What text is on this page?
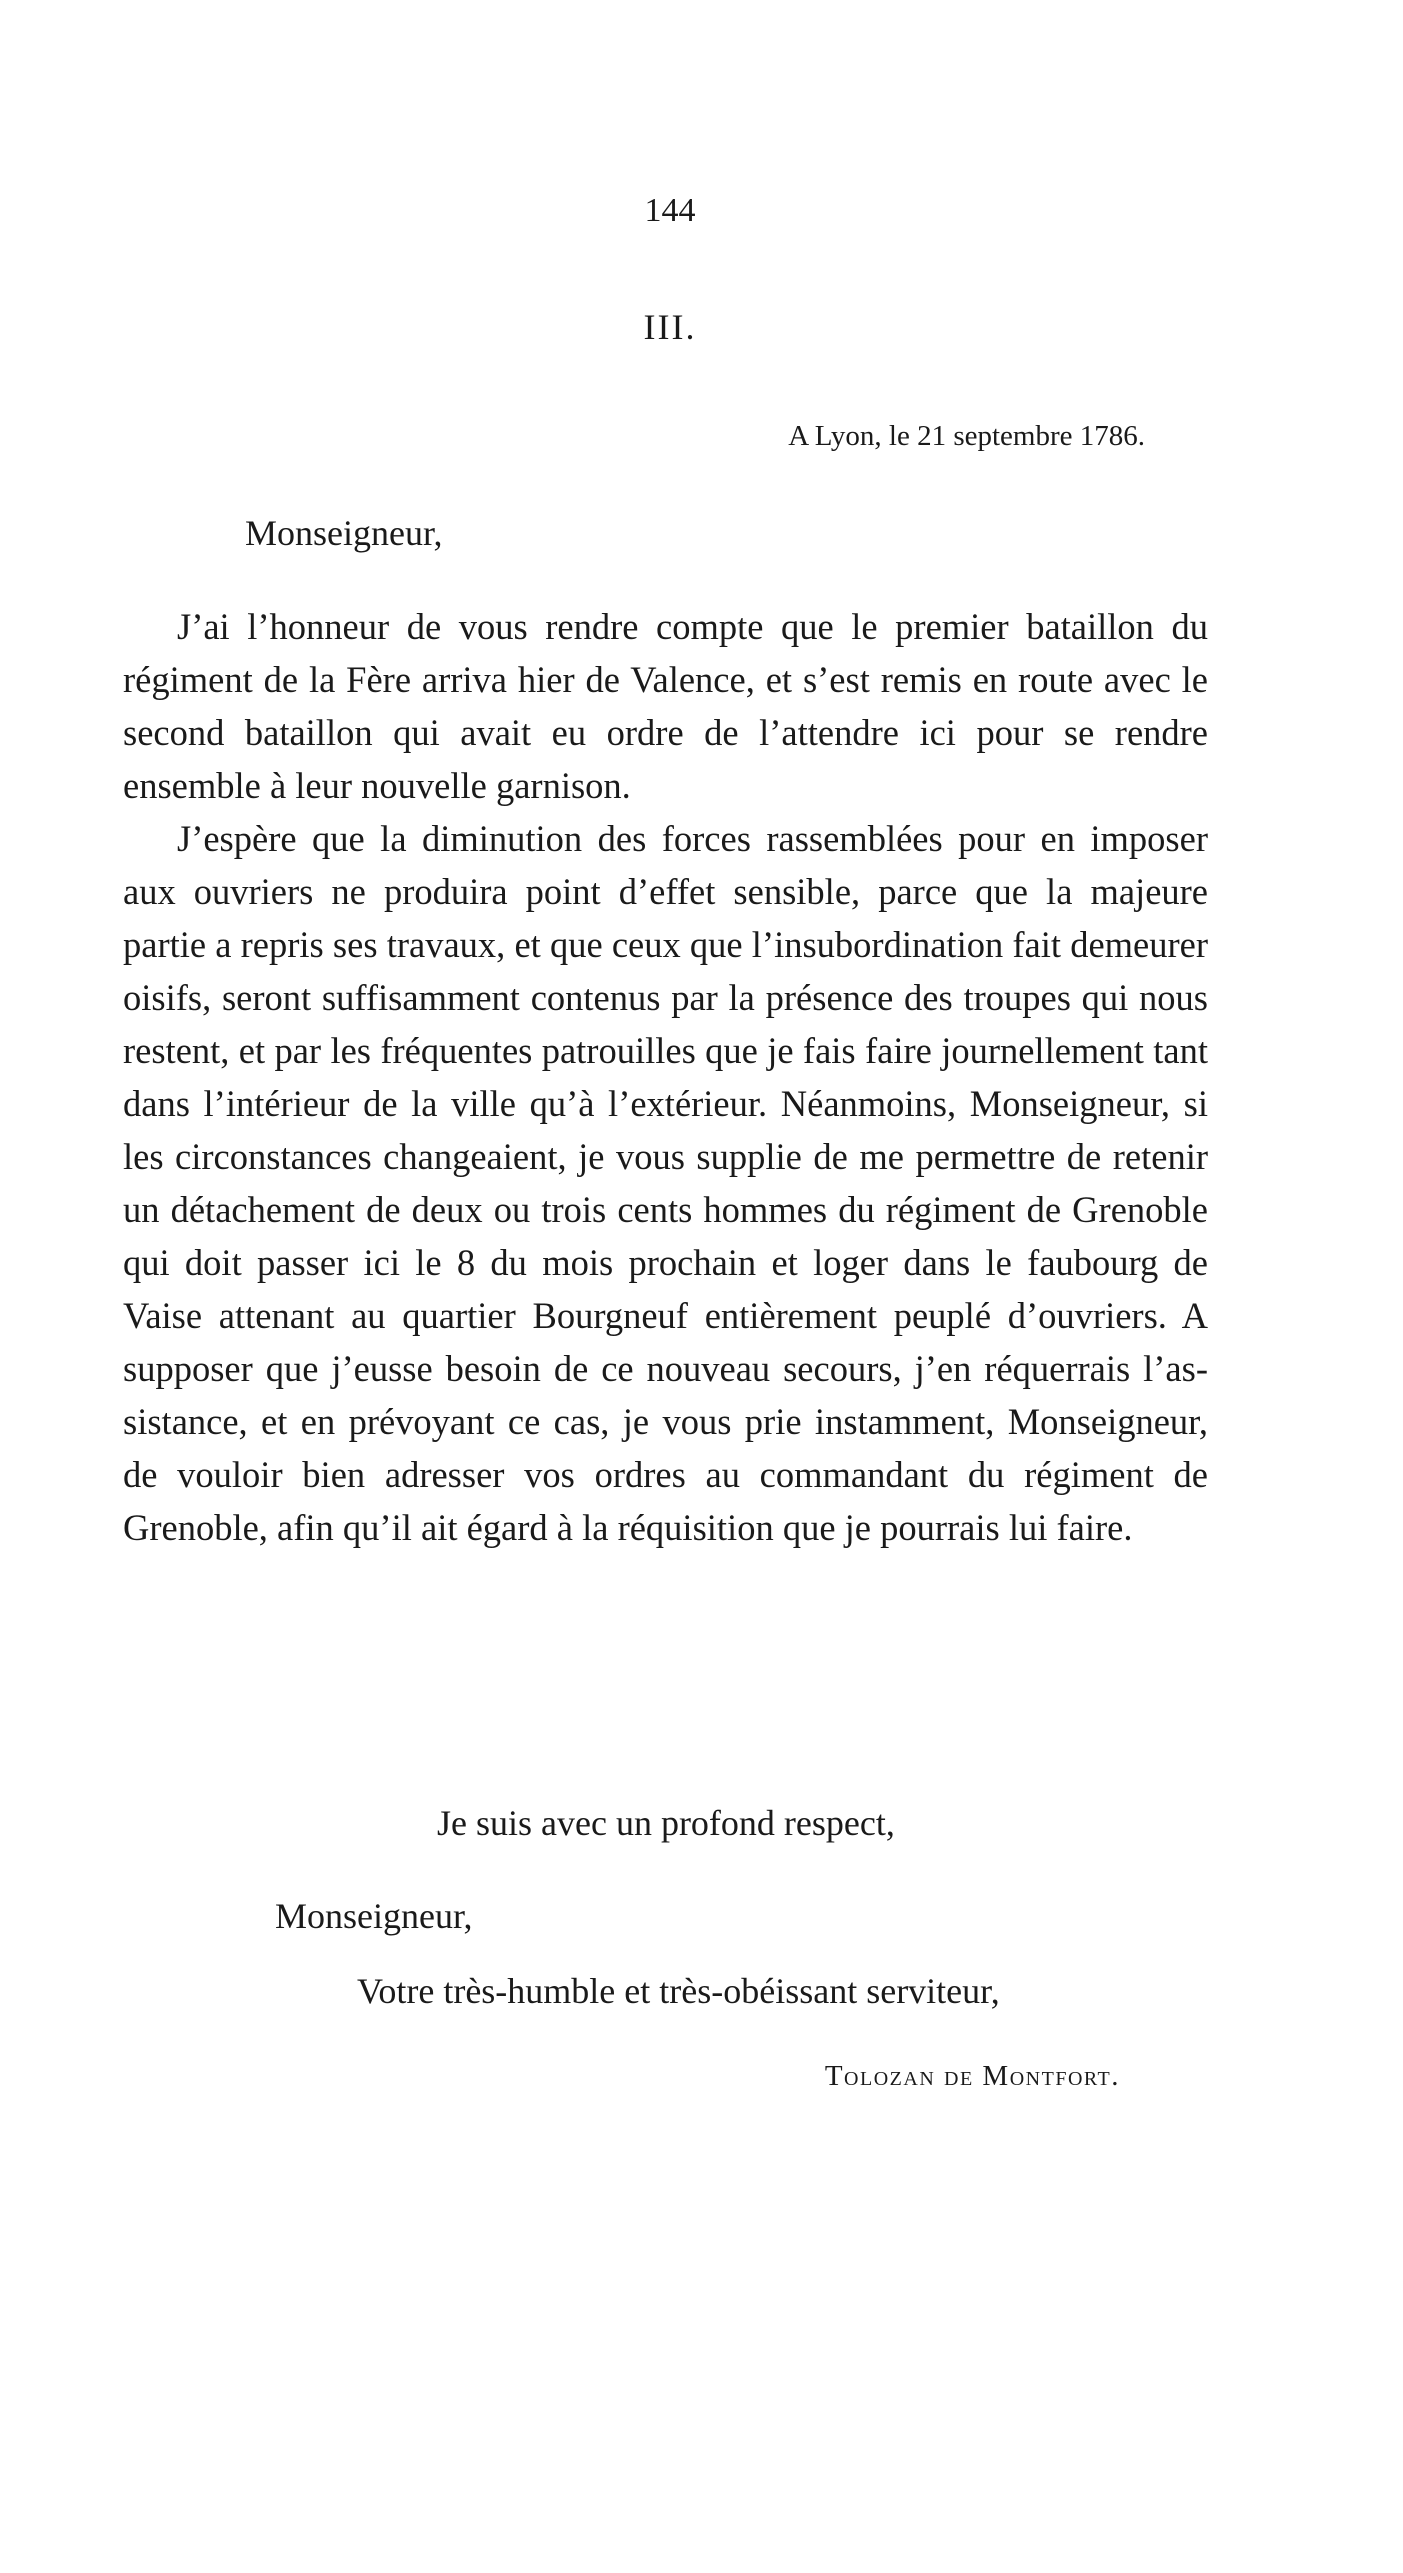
144
III.
A Lyon, le 21 septembre 1786.
Monseigneur,

J’ai l’honneur de vous rendre compte que le premier bataillon du régiment de la Fère arriva hier de Valence, et s’est remis en route avec le second bataillon qui avait eu ordre de l’attendre ici pour se rendre ensemble à leur nouvelle garnison.

J’espère que la diminution des forces rassemblées pour en imposer aux ouvriers ne produira point d’effet sensible, parce que la majeure partie a repris ses travaux, et que ceux que l’insubordination fait demeurer oisifs, seront suffisamment contenus par la présence des troupes qui nous restent, et par les fréquentes patrouilles que je fais faire journellement tant dans l’intérieur de la ville qu’à l’extérieur. Néanmoins, Monseigneur, si les circonstances changeaient, je vous supplie de me permettre de retenir un détachement de deux ou trois cents hommes du régiment de Grenoble qui doit passer ici le 8 du mois prochain et loger dans le faubourg de Vaise attenant au quartier Bourgneuf entièrement peuplé d’ouvriers. A supposer que j’eusse besoin de ce nouveau secours, j’en réquerrais l’assistance, et en prévoyant ce cas, je vous prie instamment, Monseigneur, de vouloir bien adresser vos ordres au commandant du régiment de Grenoble, afin qu’il ait égard à la réquisition que je pourrais lui faire.

Je suis avec un profond respect,
Monseigneur,
Votre très-humble et très-obéissant serviteur,
Tolozan de Montfort.
